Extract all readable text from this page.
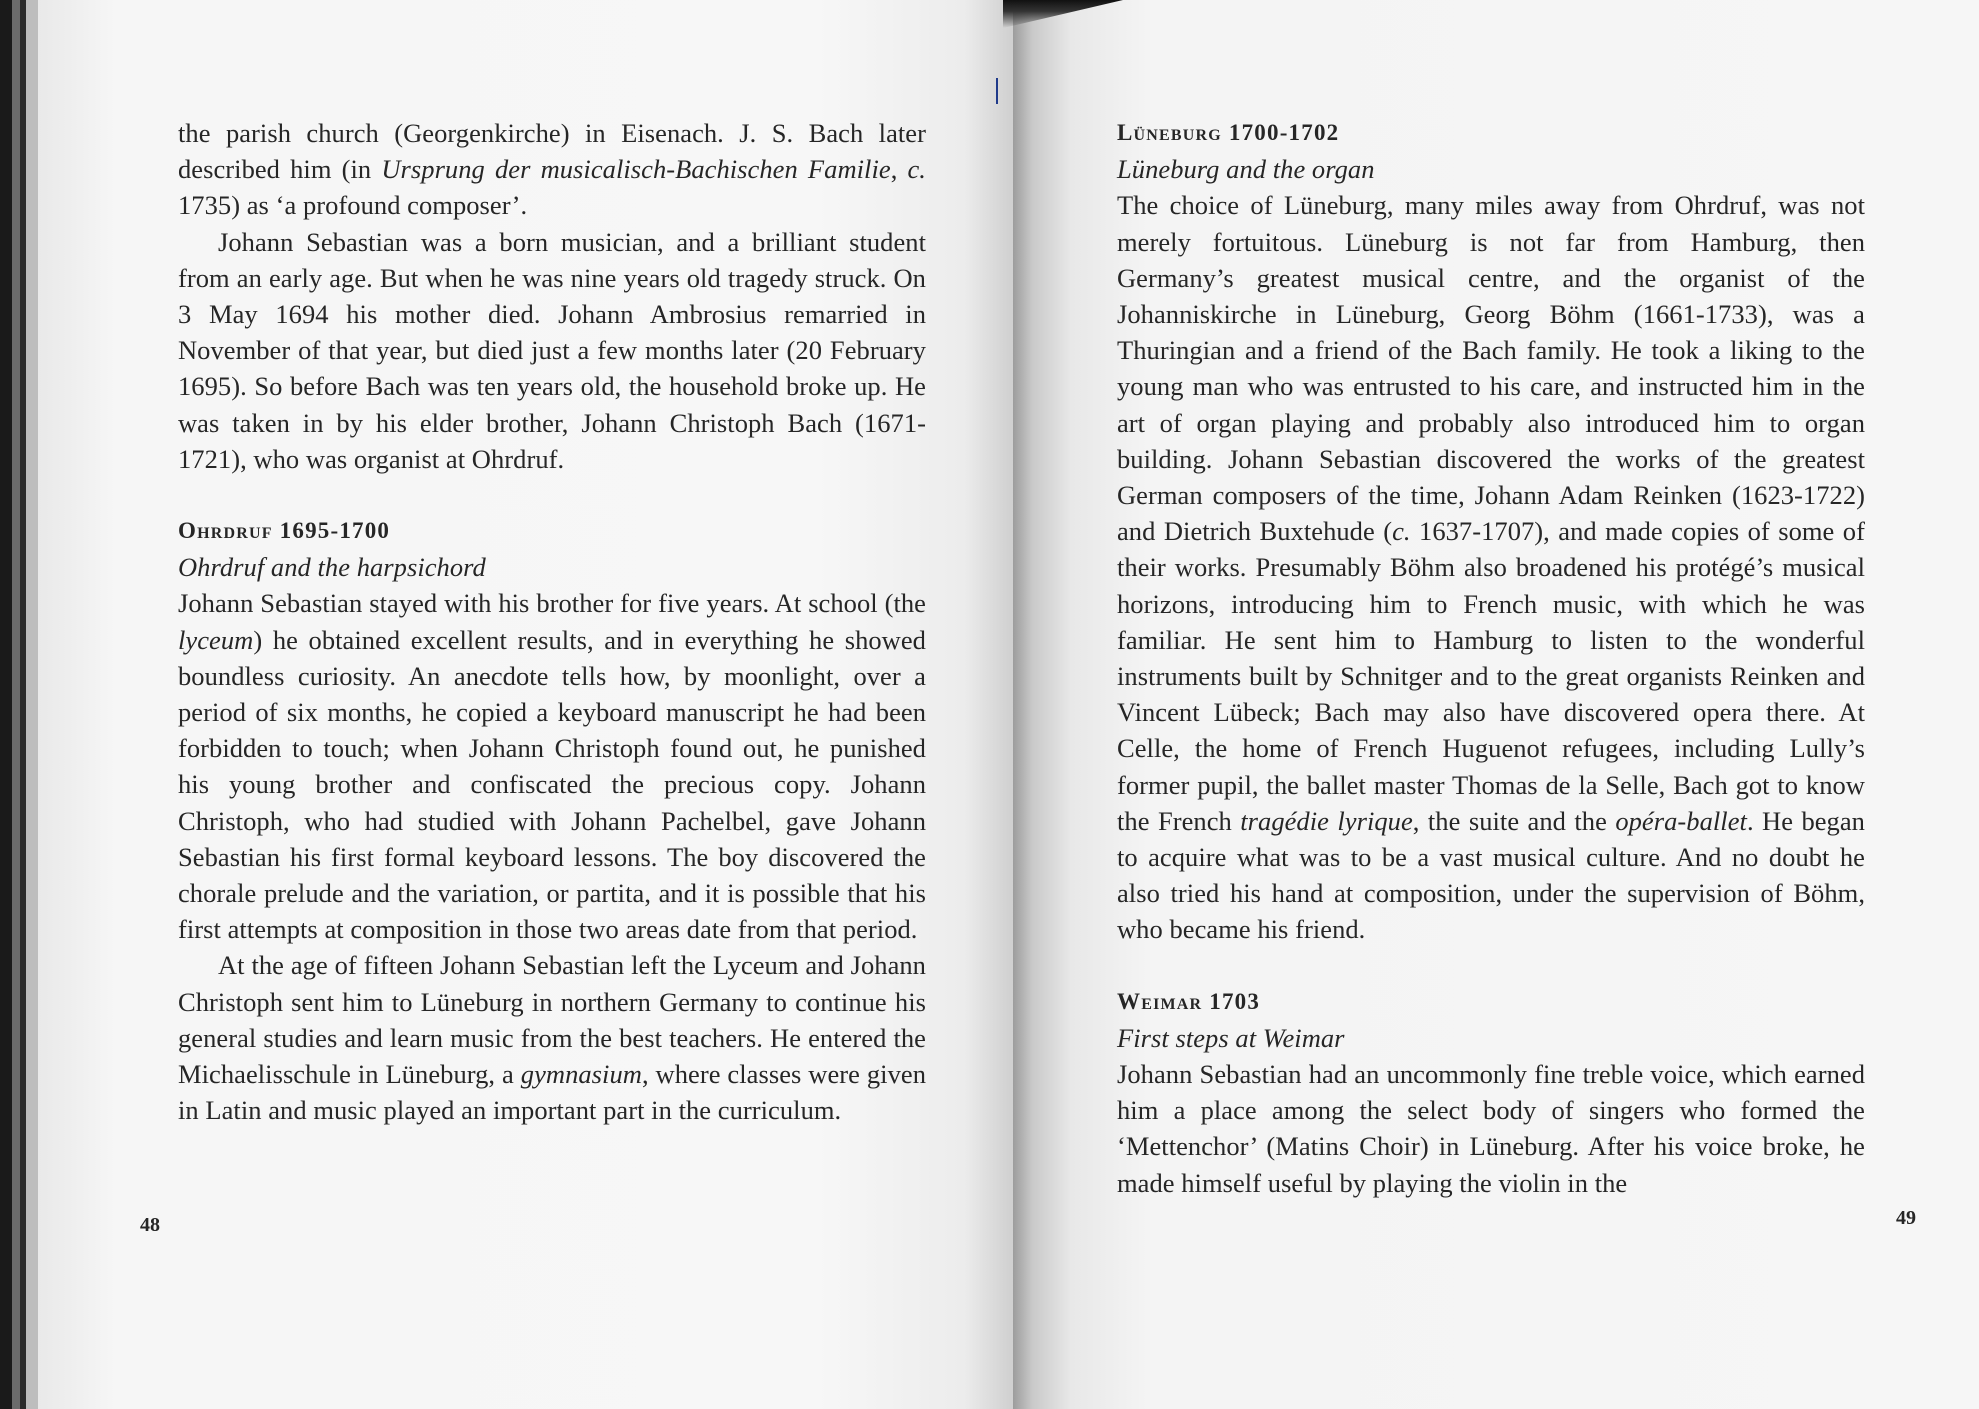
the parish church (Georgenkirche) in Eisenach. J. S. Bach later described him (in Ursprung der musicalisch-Bachischen Familie, c. 1735) as ‘a profound composer’.

Johann Sebastian was a born musician, and a brilliant student from an early age. But when he was nine years old tragedy struck. On 3 May 1694 his mother died. Johann Ambrosius remarried in November of that year, but died just a few months later (20 February 1695). So before Bach was ten years old, the household broke up. He was taken in by his elder brother, Johann Christoph Bach (1671-1721), who was organist at Ohrdruf.

Ohrdruf 1695-1700
Ohrdruf and the harpsichord

Johann Sebastian stayed with his brother for five years. At school (the lyceum) he obtained excellent results, and in everything he showed boundless curiosity. An anecdote tells how, by moonlight, over a period of six months, he copied a keyboard manuscript he had been forbidden to touch; when Johann Christoph found out, he punished his young brother and confiscated the precious copy. Johann Christoph, who had studied with Johann Pachelbel, gave Johann Sebastian his first formal keyboard lessons. The boy discovered the chorale prelude and the variation, or partita, and it is possible that his first attempts at composition in those two areas date from that period.

At the age of fifteen Johann Sebastian left the Lyceum and Johann Christoph sent him to Lüneburg in northern Germany to continue his general studies and learn music from the best teachers. He entered the Michaelisschule in Lüneburg, a gymnasium, where classes were given in Latin and music played an important part in the curriculum.

48
Lüneburg 1700-1702
Lüneburg and the organ

The choice of Lüneburg, many miles away from Ohrdruf, was not merely fortuitous. Lüneburg is not far from Hamburg, then Germany’s greatest musical centre, and the organist of the Johanniskirche in Lüneburg, Georg Böhm (1661-1733), was a Thuringian and a friend of the Bach family. He took a liking to the young man who was entrusted to his care, and instructed him in the art of organ playing and probably also introduced him to organ building. Johann Sebastian discovered the works of the greatest German composers of the time, Johann Adam Reinken (1623-1722) and Dietrich Buxtehude (c. 1637-1707), and made copies of some of their works. Presumably Böhm also broadened his protégé’s musical horizons, introducing him to French music, with which he was familiar. He sent him to Hamburg to listen to the wonderful instruments built by Schnitger and to the great organists Reinken and Vincent Lübeck; Bach may also have discovered opera there. At Celle, the home of French Huguenot refugees, including Lully’s former pupil, the ballet master Thomas de la Selle, Bach got to know the French tragédie lyrique, the suite and the opéra-ballet. He began to acquire what was to be a vast musical culture. And no doubt he also tried his hand at composition, under the supervision of Böhm, who became his friend.

Weimar 1703
First steps at Weimar

Johann Sebastian had an uncommonly fine treble voice, which earned him a place among the select body of singers who formed the ‘Mettenchor’ (Matins Choir) in Lüneburg. After his voice broke, he made himself useful by playing the violin in the

49
